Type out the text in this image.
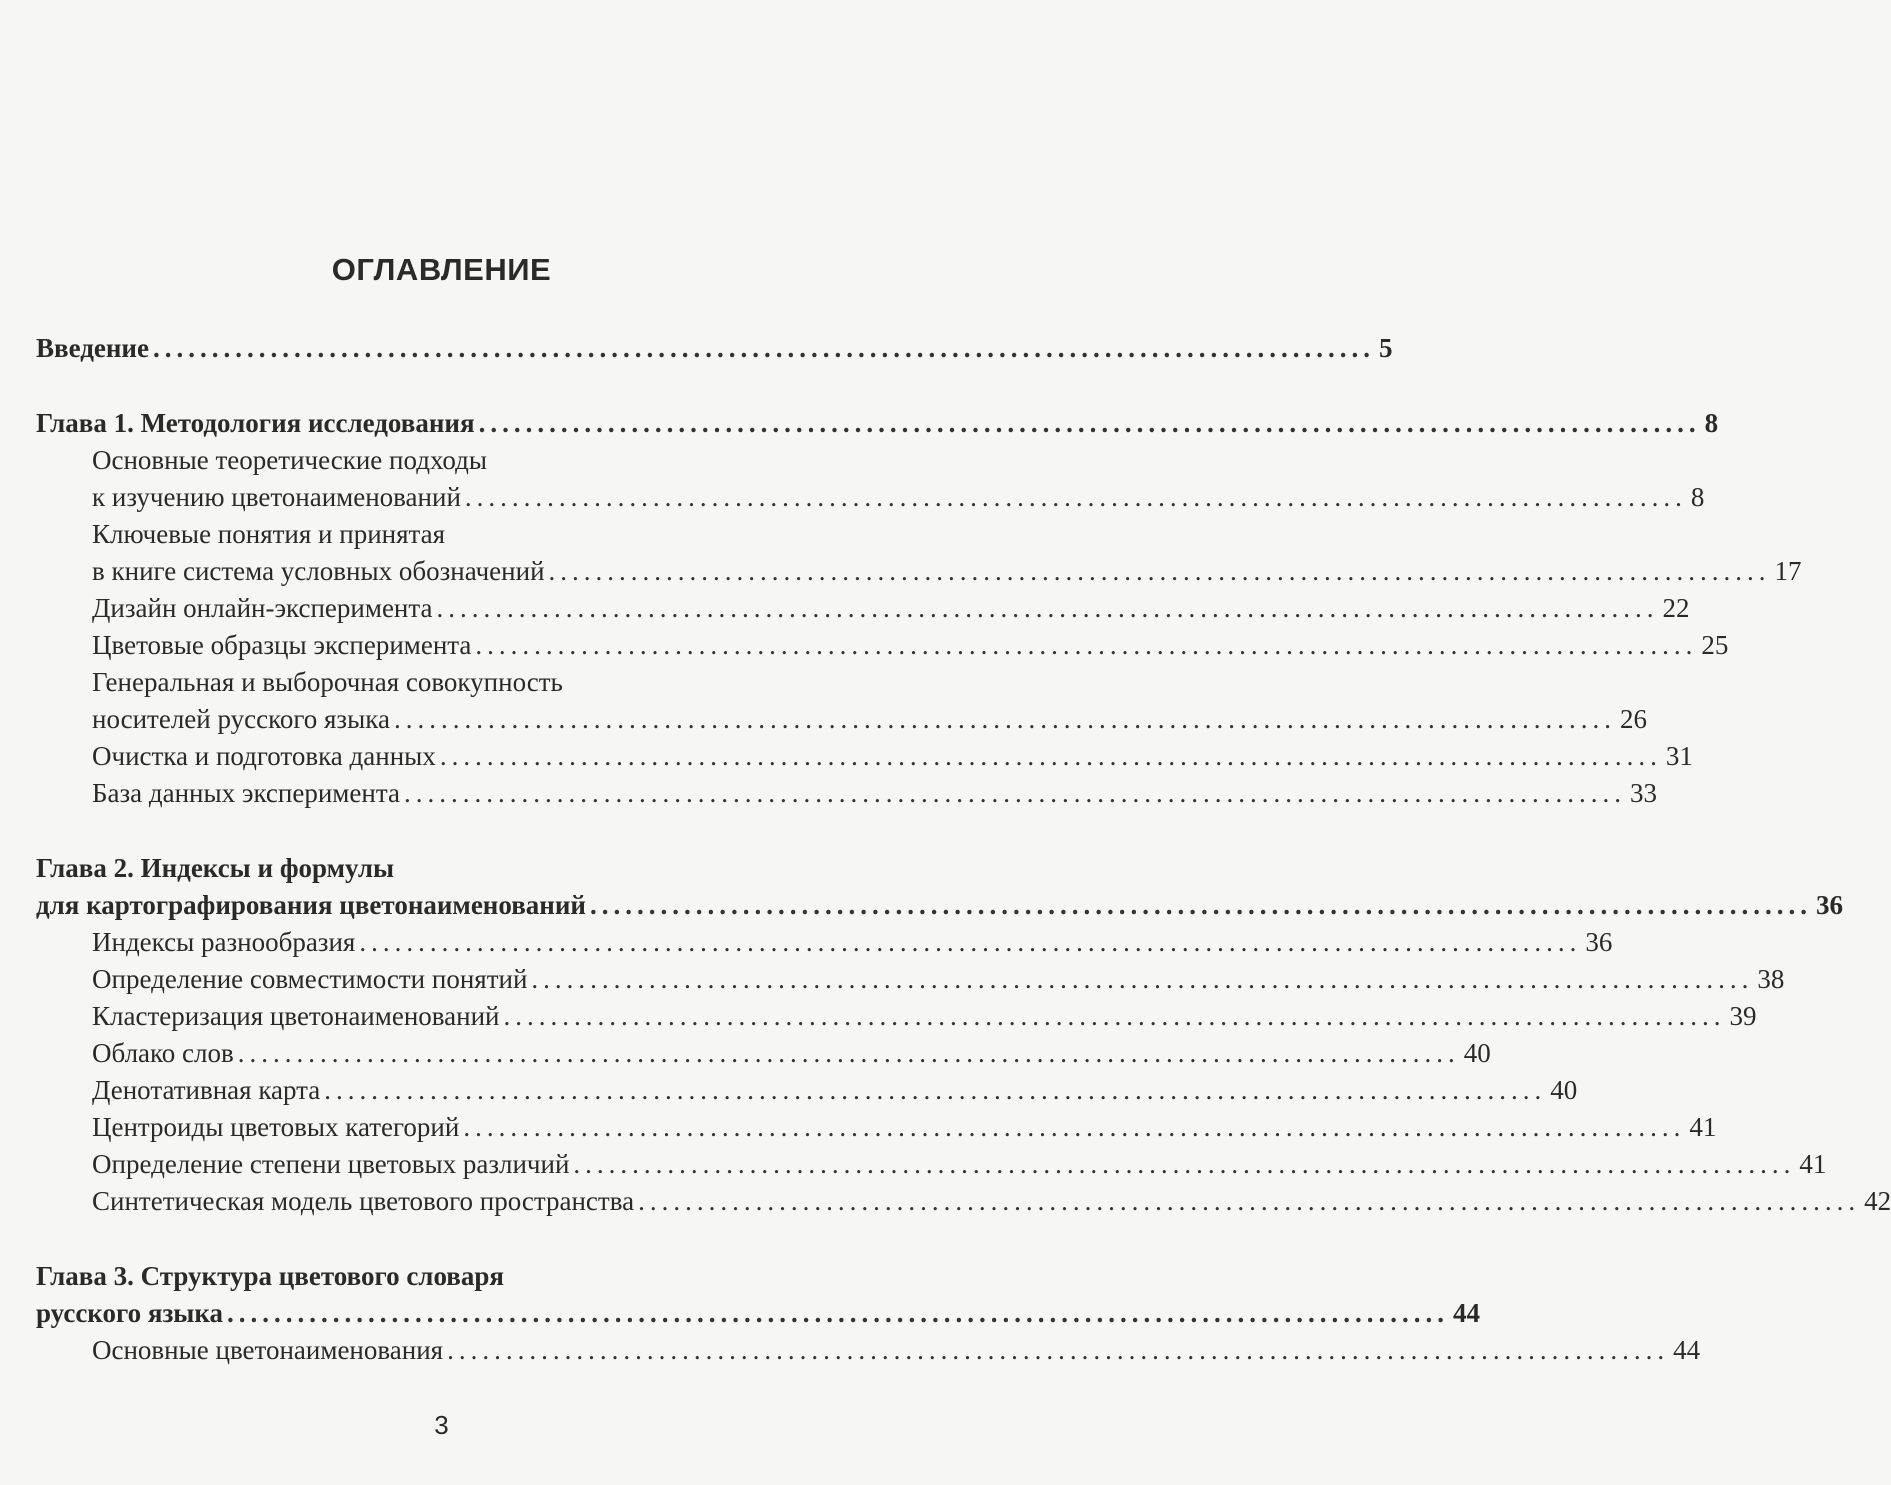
ОГЛАВЛЕНИЕ
Введение ........................................................................................................ 5
Глава 1. Методология исследования ........................................................................................................ 8
Основные теоретические подходы
к изучению цветонаименований ........................................................................................................ 8
Ключевые понятия и принятая
в книге система условных обозначений ........................................................................................................ 17
Дизайн онлайн-эксперимента ........................................................................................................ 22
Цветовые образцы эксперимента ........................................................................................................ 25
Генеральная и выборочная совокупность
носителей русского языка ........................................................................................................ 26
Очистка и подготовка данных ........................................................................................................ 31
База данных эксперимента ........................................................................................................ 33
Глава 2. Индексы и формулы
для картографирования цветонаименований ........................................................................................................ 36
Индексы разнообразия ........................................................................................................ 36
Определение совместимости понятий ........................................................................................................ 38
Кластеризация цветонаименований ........................................................................................................ 39
Облако слов ........................................................................................................ 40
Денотативная карта ........................................................................................................ 40
Центроиды цветовых категорий ........................................................................................................ 41
Определение степени цветовых различий ........................................................................................................ 41
Синтетическая модель цветового пространства ........................................................................................................ 42
Глава 3. Структура цветового словаря
русского языка ........................................................................................................ 44
Основные цветонаименования ........................................................................................................ 44
3
